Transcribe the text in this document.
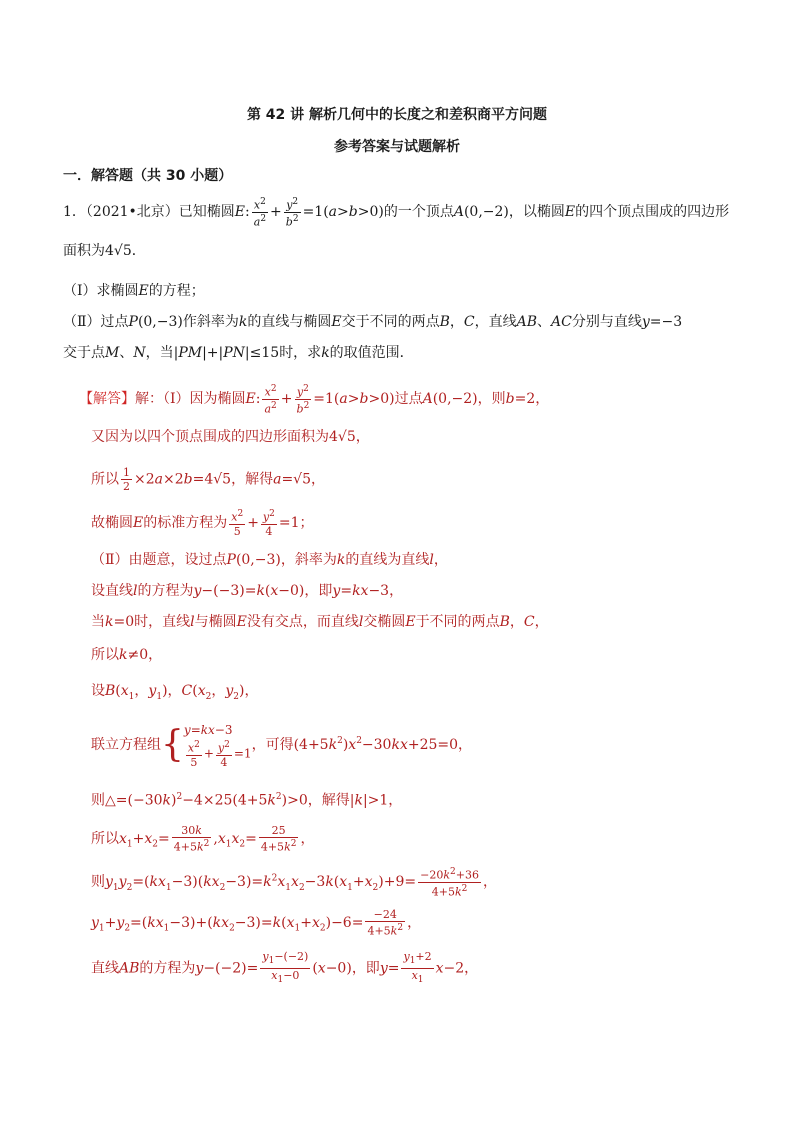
第 42 讲 解析几何中的长度之和差积商平方问题
参考答案与试题解析
一．解答题（共 30 小题）
1．（2021•北京）已知椭圆E: $\frac{x^2}{a^2} + \frac{y^2}{b^2} =1(a>b>0)$的一个顶点A(0,−2)，以椭圆E的四个顶点围成的四边形
面积为4√5．
（Ⅰ）求椭圆E的方程；
（Ⅱ）过点P(0,−3)作斜率为k的直线与椭圆E交于不同的两点B，C，直线AB、AC分别与直线y=−3
交于点M、N，当|PM|+|PN|≤15时，求k的取值范围．
【解答】解：（Ⅰ）因为椭圆E: $\frac{x^2}{a^2} + \frac{y^2}{b^2} =1(a>b>0)$过点A(0,−2)，则b=2，
又因为以四个顶点围成的四边形面积为4√5，
所以 $\frac{1}{2} \times 2a\times 2b=4√5$，解得a=√5，
故椭圆E的标准方程为 $\frac{x^2}{5} + \frac{y^2}{4} =1$；
（Ⅱ）由题意，设过点P(0,−3)，斜率为k的直线为直线l，
设直线l的方程为y−(−3)=k(x−0)，即y=kx−3，
当k=0时，直线l与椭圆E没有交点，而直线l交椭圆E于不同的两点B，C，
所以k≠0，
设$B(x_1$，$y_1$)，$C(x_2$，$y_2$)，
联立方程组{ y=kx−3
$\frac{x^2}{5} + \frac{y^2}{4} =1$
，可得$(4+5k^2)x^2-30kx+25=0$，
则$\triangle=(-30k)^2-4\times 25(4+5k^2)>0$，解得|k|>1，
所以$x_1+x_2= \frac{30k}{4+5k^2} ,x_1x_2= \frac{25}{4+5k^2}$ ，
则$y_1y_2=(kx_1-3)(kx_2-3)=k^2x_1x_2-3k(x_1+x_2)+9= \frac{-20k^2+36}{4+5k^2}$ ，
$y_1+y_2=(kx_1-3)+(kx_2-3)=k(x_1+x_2)-6= \frac{-24}{4+5k^2}$ ，
直线AB的方程为$y-(-2)= \frac{y_1-(-2)}{x_1-0} (x-0)$，即$y= \frac{y_1+2}{x_1} x-2$，
